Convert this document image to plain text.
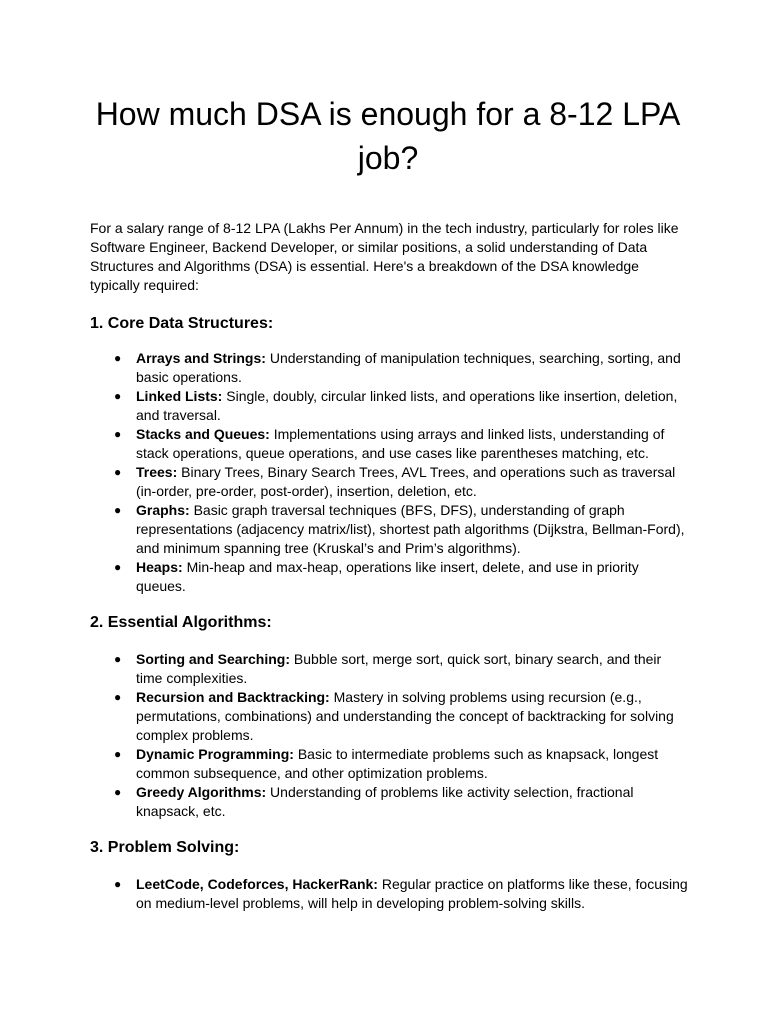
How much DSA is enough for a 8-12 LPA job?

For a salary range of 8-12 LPA (Lakhs Per Annum) in the tech industry, particularly for roles like Software Engineer, Backend Developer, or similar positions, a solid understanding of Data Structures and Algorithms (DSA) is essential. Here's a breakdown of the DSA knowledge typically required:

1. Core Data Structures:
● Arrays and Strings: Understanding of manipulation techniques, searching, sorting, and basic operations.
● Linked Lists: Single, doubly, circular linked lists, and operations like insertion, deletion, and traversal.
● Stacks and Queues: Implementations using arrays and linked lists, understanding of stack operations, queue operations, and use cases like parentheses matching, etc.
● Trees: Binary Trees, Binary Search Trees, AVL Trees, and operations such as traversal (in-order, pre-order, post-order), insertion, deletion, etc.
● Graphs: Basic graph traversal techniques (BFS, DFS), understanding of graph representations (adjacency matrix/list), shortest path algorithms (Dijkstra, Bellman-Ford), and minimum spanning tree (Kruskal’s and Prim’s algorithms).
● Heaps: Min-heap and max-heap, operations like insert, delete, and use in priority queues.
2. Essential Algorithms:
● Sorting and Searching: Bubble sort, merge sort, quick sort, binary search, and their time complexities.
● Recursion and Backtracking: Mastery in solving problems using recursion (e.g., permutations, combinations) and understanding the concept of backtracking for solving complex problems.
● Dynamic Programming: Basic to intermediate problems such as knapsack, longest common subsequence, and other optimization problems.
● Greedy Algorithms: Understanding of problems like activity selection, fractional knapsack, etc.
3. Problem Solving:
● LeetCode, Codeforces, HackerRank: Regular practice on platforms like these, focusing on medium-level problems, will help in developing problem-solving skills.
